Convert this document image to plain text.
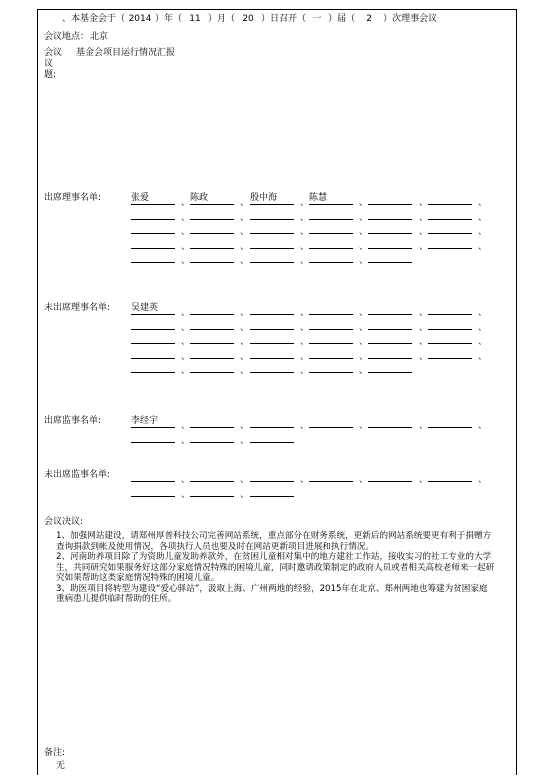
、本基金会于（ 2014 ）年（ 11 ）月（ 20 ）日召开（ 一 ）届（ 2 ）次理事会议
会议地点： 北京
会议 基金会项目运行情况汇报
议
题:
出席理事名单:
未出席理事名单:
出席监事名单:
未出席监事名单:
会议决议:

1、加强网站建设，请郑州厚普科技公司完善网站系统，重点部分在财务系统，更新后的网站系统要更有利于捐赠方查询捐款到帐及使用情况，各项执行人员也要及时在网站更新项目进展和执行情况。

2、河南助养项目除了为资助儿童发助养款外，在贫困儿童相对集中的地方建社工作站，接收实习的社工专业的大学生，共同研究如果服务好这部分家庭情况特殊的困境儿童，同时邀请政策制定的政府人员或者相关高校老师来一起研究如果帮助这类家庭情况特殊的困境儿童。

3、助医项目将转型为建设“爱心驿站”，汲取上海、广州两地的经验，2015年在北京、郑州两地也筹建为贫困家庭重病患儿提供临时帮助的住所。

备注:
无
张爱	、 陈政	、 殷中海	、 陈慧	、	、	、
、	、	、	、	、	、
、	、	、	、	、	、
、	、	、	、	、	、
、	、	、	、
吴建英	、	、	、	、	、	、
、	、	、	、	、	、
、	、	、	、	、	、
、	、	、	、	、	、
、	、	、	、
李经宇	、	、	、	、	、	、
、	、
、	、	、	、	、	、
、	、
